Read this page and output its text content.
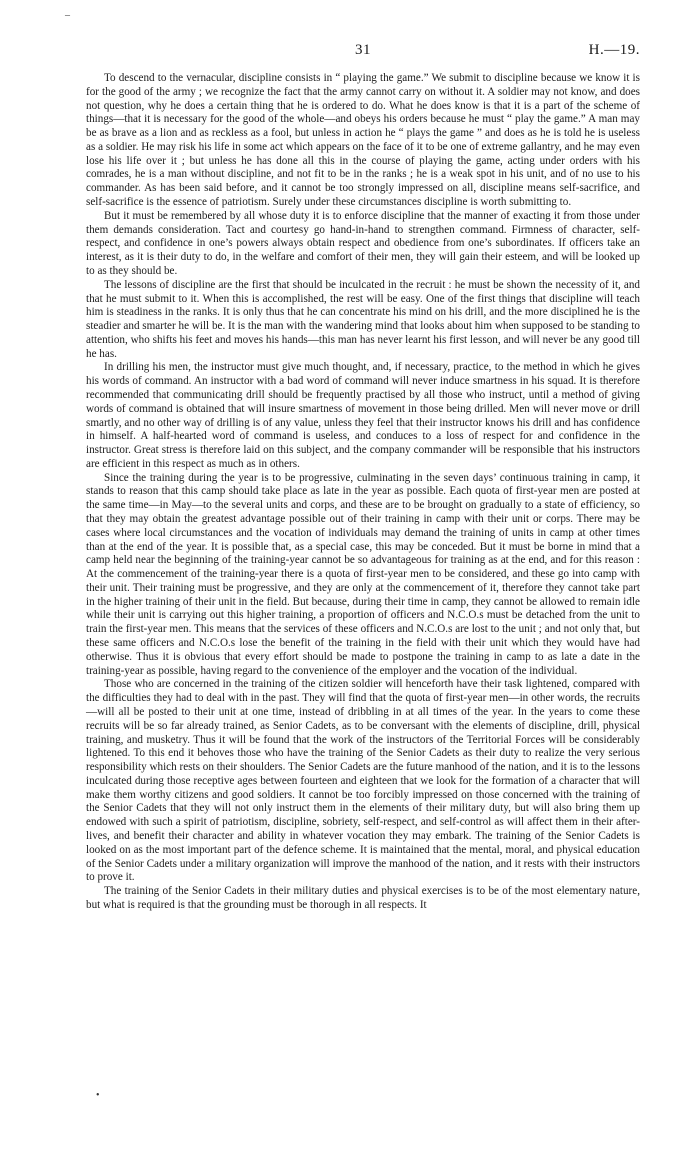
–
31	H.—19.

To descend to the vernacular, discipline consists in “ playing the game.” We submit to discipline because we know it is for the good of the army ; we recognize the fact that the army cannot carry on without it. A soldier may not know, and does not question, why he does a certain thing that he is ordered to do. What he does know is that it is a part of the scheme of things—that it is necessary for the good of the whole—and obeys his orders because he must “ play the game.” A man may be as brave as a lion and as reckless as a fool, but unless in action he “ plays the game ” and does as he is told he is useless as a soldier. He may risk his life in some act which appears on the face of it to be one of extreme gallantry, and he may even lose his life over it ; but unless he has done all this in the course of playing the game, acting under orders with his comrades, he is a man without discipline, and not fit to be in the ranks ; he is a weak spot in his unit, and of no use to his commander. As has been said before, and it cannot be too strongly impressed on all, discipline means self-sacrifice, and self-sacrifice is the essence of patriotism. Surely under these circumstances discipline is worth submitting to.

But it must be remembered by all whose duty it is to enforce discipline that the manner of exacting it from those under them demands consideration. Tact and courtesy go hand-in-hand to strengthen command. Firmness of character, self-respect, and confidence in one’s powers always obtain respect and obedience from one’s subordinates. If officers take an interest, as it is their duty to do, in the welfare and comfort of their men, they will gain their esteem, and will be looked up to as they should be.

The lessons of discipline are the first that should be inculcated in the recruit : he must be shown the necessity of it, and that he must submit to it. When this is accomplished, the rest will be easy. One of the first things that discipline will teach him is steadiness in the ranks. It is only thus that he can concentrate his mind on his drill, and the more disciplined he is the steadier and smarter he will be. It is the man with the wandering mind that looks about him when supposed to be standing to attention, who shifts his feet and moves his hands—this man has never learnt his first lesson, and will never be any good till he has.

In drilling his men, the instructor must give much thought, and, if necessary, practice, to the method in which he gives his words of command. An instructor with a bad word of command will never induce smartness in his squad. It is therefore recommended that communicating drill should be frequently practised by all those who instruct, until a method of giving words of command is obtained that will insure smartness of movement in those being drilled. Men will never move or drill smartly, and no other way of drilling is of any value, unless they feel that their instructor knows his drill and has confidence in himself. A half-hearted word of command is useless, and conduces to a loss of respect for and confidence in the instructor. Great stress is therefore laid on this subject, and the company commander will be responsible that his instructors are efficient in this respect as much as in others.

Since the training during the year is to be progressive, culminating in the seven days’ continuous training in camp, it stands to reason that this camp should take place as late in the year as possible. Each quota of first-year men are posted at the same time—in May—to the several units and corps, and these are to be brought on gradually to a state of efficiency, so that they may obtain the greatest advantage possible out of their training in camp with their unit or corps. There may be cases where local circumstances and the vocation of individuals may demand the training of units in camp at other times than at the end of the year. It is possible that, as a special case, this may be conceded. But it must be borne in mind that a camp held near the beginning of the training-year cannot be so advantageous for training as at the end, and for this reason : At the commencement of the training-year there is a quota of first-year men to be considered, and these go into camp with their unit. Their training must be progressive, and they are only at the commencement of it, therefore they cannot take part in the higher training of their unit in the field. But because, during their time in camp, they cannot be allowed to remain idle while their unit is carrying out this higher training, a proportion of officers and N.C.O.s must be detached from the unit to train the first-year men. This means that the services of these officers and N.C.O.s are lost to the unit ; and not only that, but these same officers and N.C.O.s lose the benefit of the training in the field with their unit which they would have had otherwise. Thus it is obvious that every effort should be made to postpone the training in camp to as late a date in the training-year as possible, having regard to the convenience of the employer and the vocation of the individual.

Those who are concerned in the training of the citizen soldier will henceforth have their task lightened, compared with the difficulties they had to deal with in the past. They will find that the quota of first-year men—in other words, the recruits—will all be posted to their unit at one time, instead of dribbling in at all times of the year. In the years to come these recruits will be so far already trained, as Senior Cadets, as to be conversant with the elements of discipline, drill, physical training, and musketry. Thus it will be found that the work of the instructors of the Territorial Forces will be considerably lightened. To this end it behoves those who have the training of the Senior Cadets as their duty to realize the very serious responsibility which rests on their shoulders. The Senior Cadets are the future manhood of the nation, and it is to the lessons inculcated during those receptive ages between fourteen and eighteen that we look for the formation of a character that will make them worthy citizens and good soldiers. It cannot be too forcibly impressed on those concerned with the training of the Senior Cadets that they will not only instruct them in the elements of their military duty, but will also bring them up endowed with such a spirit of patriotism, discipline, sobriety, self-respect, and self-control as will affect them in their after-lives, and benefit their character and ability in whatever vocation they may embark. The training of the Senior Cadets is looked on as the most important part of the defence scheme. It is maintained that the mental, moral, and physical education of the Senior Cadets under a military organization will improve the manhood of the nation, and it rests with their instructors to prove it.

The training of the Senior Cadets in their military duties and physical exercises is to be of the most elementary nature, but what is required is that the grounding must be thorough in all respects. It

•
